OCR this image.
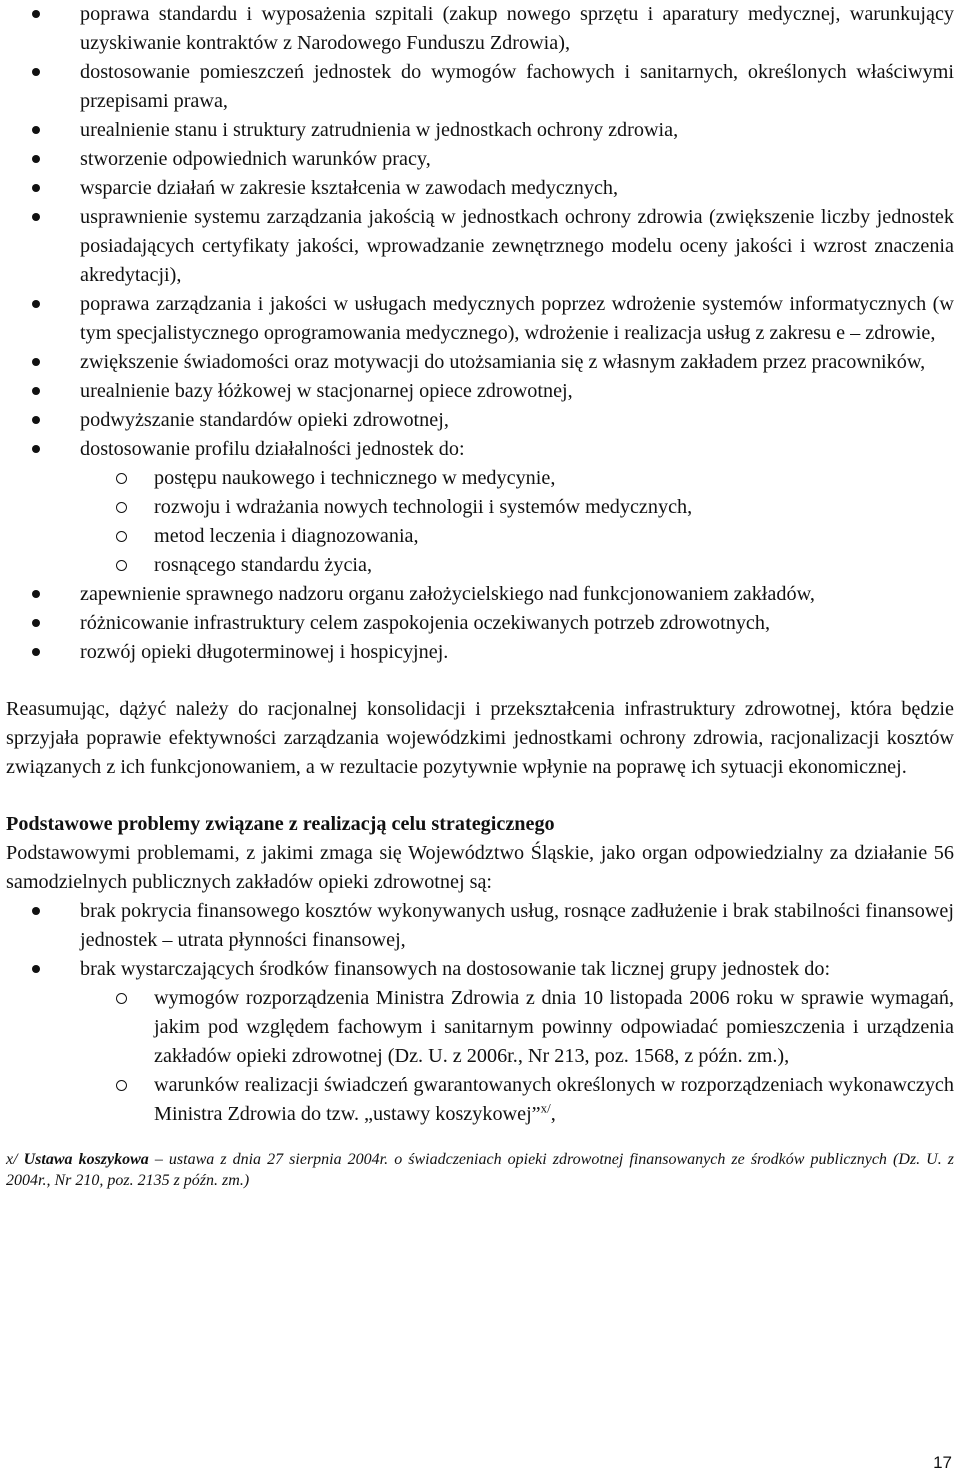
poprawa standardu i wyposażenia szpitali (zakup nowego sprzętu i aparatury medycznej, warunkujący uzyskiwanie kontraktów z Narodowego Funduszu Zdrowia),
dostosowanie pomieszczeń jednostek do wymogów fachowych i sanitarnych, określonych właściwymi przepisami prawa,
urealnienie stanu i struktury zatrudnienia w jednostkach ochrony zdrowia,
stworzenie odpowiednich warunków pracy,
wsparcie działań w zakresie kształcenia w zawodach medycznych,
usprawnienie systemu zarządzania jakością w jednostkach ochrony zdrowia (zwiększenie liczby jednostek posiadających certyfikaty jakości, wprowadzanie zewnętrznego modelu oceny jakości i wzrost znaczenia akredytacji),
poprawa zarządzania i jakości w usługach medycznych poprzez wdrożenie systemów informatycznych (w tym specjalistycznego oprogramowania medycznego), wdrożenie i realizacja usług z zakresu e – zdrowie,
zwiększenie świadomości oraz motywacji do utożsamiania się z własnym zakładem przez pracowników,
urealnienie bazy łóżkowej w stacjonarnej opiece zdrowotnej,
podwyższanie standardów opieki zdrowotnej,
dostosowanie profilu działalności jednostek do:
postępu naukowego i technicznego w medycynie,
rozwoju i wdrażania nowych technologii i systemów medycznych,
metod leczenia i diagnozowania,
rosnącego standardu życia,
zapewnienie sprawnego nadzoru organu założycielskiego nad funkcjonowaniem zakładów,
różnicowanie infrastruktury celem zaspokojenia oczekiwanych potrzeb zdrowotnych,
rozwój opieki długoterminowej i hospicyjnej.

Reasumując, dążyć należy do racjonalnej konsolidacji i przekształcenia infrastruktury zdrowotnej, która będzie sprzyjała poprawie efektywności zarządzania wojewódzkimi jednostkami ochrony zdrowia, racjonalizacji kosztów związanych z ich funkcjonowaniem, a w rezultacie pozytywnie wpłynie na poprawę ich sytuacji ekonomicznej.

Podstawowe problemy związane z realizacją celu strategicznego

Podstawowymi problemami, z jakimi zmaga się Województwo Śląskie, jako organ odpowiedzialny za działanie 56 samodzielnych publicznych zakładów opieki zdrowotnej są:

brak pokrycia finansowego kosztów wykonywanych usług, rosnące zadłużenie i brak stabilności finansowej jednostek – utrata płynności finansowej,
brak wystarczających środków finansowych na dostosowanie tak licznej grupy jednostek do:
wymogów rozporządzenia Ministra Zdrowia z dnia 10 listopada 2006 roku w sprawie wymagań, jakim pod względem fachowym i sanitarnym powinny odpowiadać pomieszczenia i urządzenia zakładów opieki zdrowotnej (Dz. U. z 2006r., Nr 213, poz. 1568, z późn. zm.),
warunków realizacji świadczeń gwarantowanych określonych w rozporządzeniach wykonawczych Ministra Zdrowia do tzw. „ustawy koszykowej”$^{x/}$,

x/ Ustawa koszykowa – ustawa z dnia 27 sierpnia 2004r. o świadczeniach opieki zdrowotnej finansowanych ze środków publicznych (Dz. U. z 2004r., Nr 210, poz. 2135 z późn. zm.)

17
